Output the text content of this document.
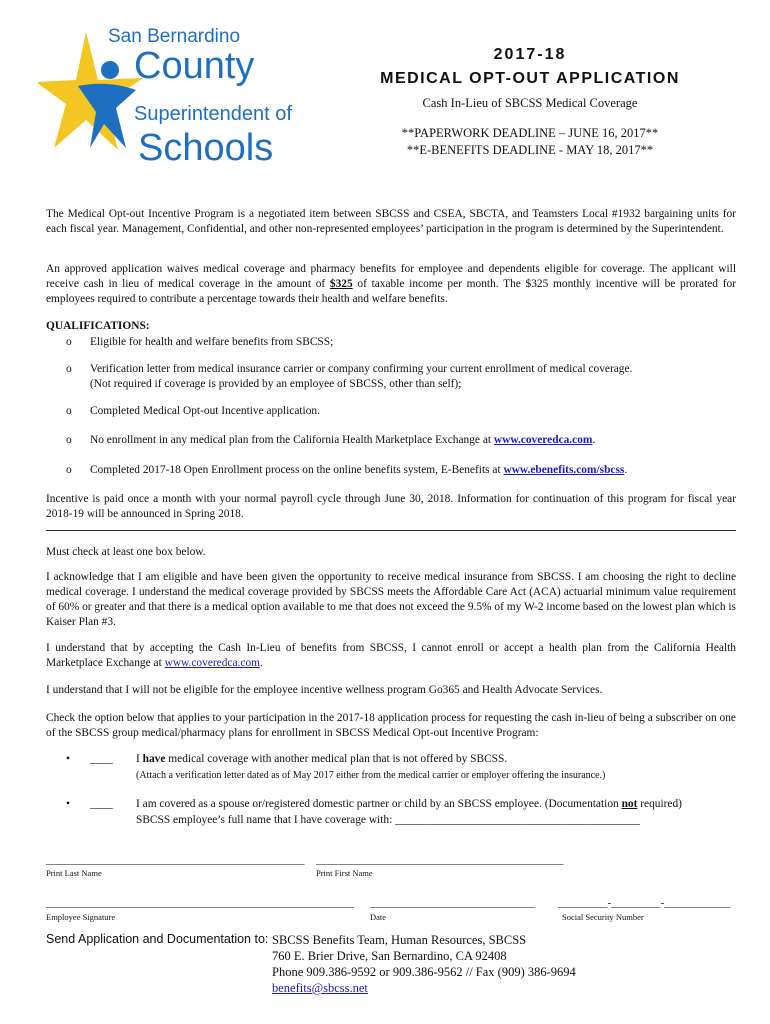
San Bernardino
County
Superintendent of
Schools
2017-18
MEDICAL OPT-OUT APPLICATION
Cash In-Lieu of SBCSS Medical Coverage
**PAPERWORK DEADLINE – JUNE 16, 2017**
**E-BENEFITS DEADLINE - MAY 18, 2017**

The Medical Opt-out Incentive Program is a negotiated item between SBCSS and CSEA, SBCTA, and Teamsters Local #1932 bargaining units for each fiscal year. Management, Confidential, and other non-represented employees’ participation in the program is determined by the Superintendent.

An approved application waives medical coverage and pharmacy benefits for employee and dependents eligible for coverage. The applicant will receive cash in lieu of medical coverage in the amount of $325 of taxable income per month. The $325 monthly incentive will be prorated for employees required to contribute a percentage towards their health and welfare benefits.

QUALIFICATIONS:
o Eligible for health and welfare benefits from SBCSS;
o Verification letter from medical insurance carrier or company confirming your current enrollment of medical coverage.
(Not required if coverage is provided by an employee of SBCSS, other than self);
o Completed Medical Opt-out Incentive application.
o No enrollment in any medical plan from the California Health Marketplace Exchange at www.coveredca.com.
o Completed 2017-18 Open Enrollment process on the online benefits system, E-Benefits at www.ebenefits.com/sbcss.

Incentive is paid once a month with your normal payroll cycle through June 30, 2018. Information for continuation of this program for fiscal year 2018-19 will be announced in Spring 2018.

Must check at least one box below.

I acknowledge that I am eligible and have been given the opportunity to receive medical insurance from SBCSS. I am choosing the right to decline medical coverage. I understand the medical coverage provided by SBCSS meets the Affordable Care Act (ACA) actuarial minimum value requirement of 60% or greater and that there is a medical option available to me that does not exceed the 9.5% of my W-2 income based on the lowest plan which is Kaiser Plan #3.

I understand that by accepting the Cash In-Lieu of benefits from SBCSS, I cannot enroll or accept a health plan from the California Health Marketplace Exchange at www.coveredca.com.

I understand that I will not be eligible for the employee incentive wellness program Go365 and Health Advocate Services.

Check the option below that applies to your participation in the 2017-18 application process for requesting the cash in-lieu of being a subscriber on one of the SBCSS group medical/pharmacy plans for enrollment in SBCSS Medical Opt-out Incentive Program:

• ____ I have medical coverage with another medical plan that is not offered by SBCSS.
(Attach a verification letter dated as of May 2017 either from the medical carrier or employer offering the insurance.)
• ____ I am covered as a spouse or/registered domestic partner or child by an SBCSS employee. (Documentation not required)
SBCSS employee’s full name that I have coverage with: ___________________________________________
_______________________________________________ _____________________________________________
Print Last Name	Print First Name
________________________________________________________ ______________________________ _________-_________-____________
Employee Signature	Date	Social Security Number
Send Application and Documentation to: SBCSS Benefits Team, Human Resources, SBCSS
760 E. Brier Drive, San Bernardino, CA 92408
Phone 909.386-9592 or 909.386-9562 // Fax (909) 386-9694
benefits@sbcss.net
